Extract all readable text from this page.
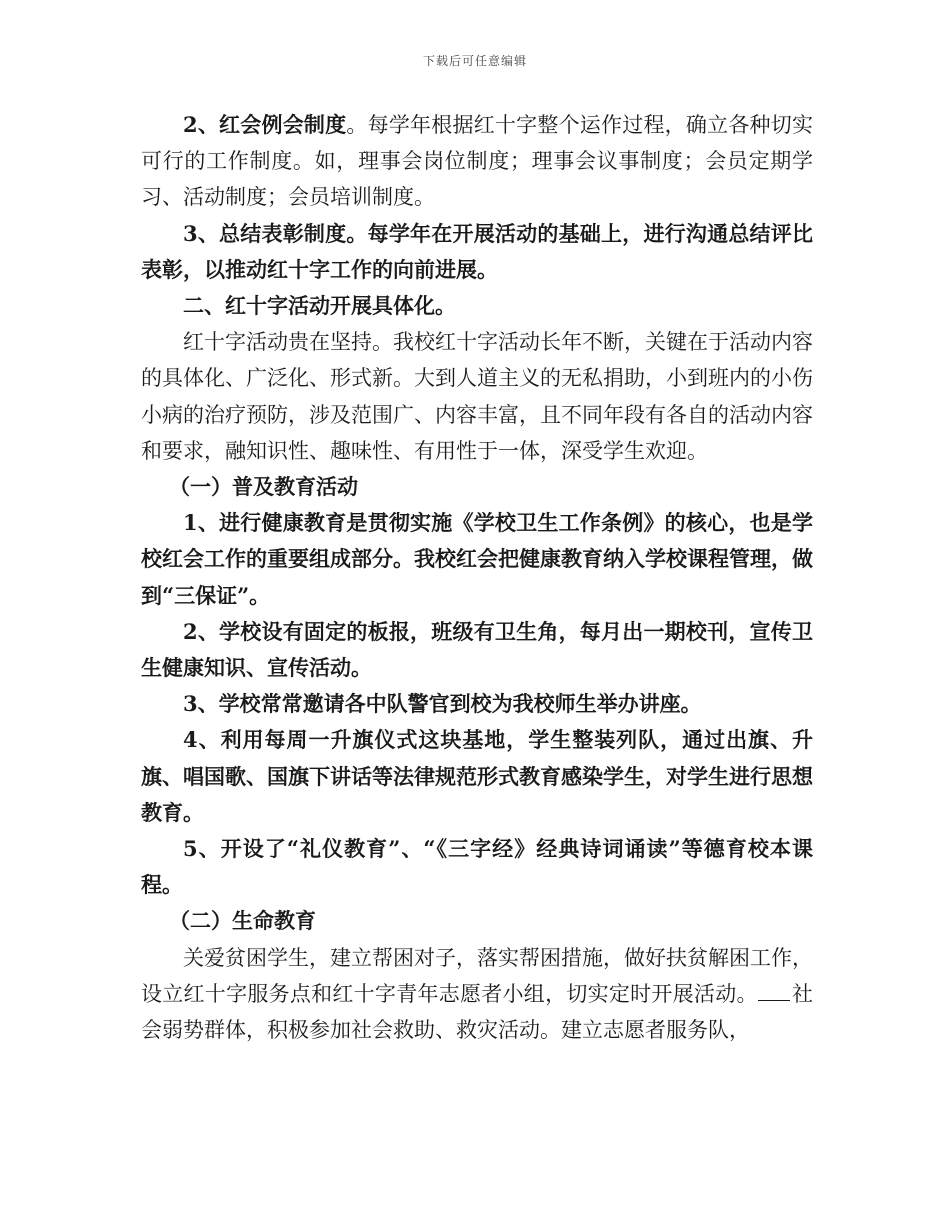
下载后可任意编辑

2、红会例会制度。每学年根据红十字整个运作过程，确立各种切实可行的工作制度。如，理事会岗位制度；理事会议事制度；会员定期学习、活动制度；会员培训制度。

3、总结表彰制度。每学年在开展活动的基础上，进行沟通总结评比表彰，以推动红十字工作的向前进展。

二、红十字活动开展具体化。

红十字活动贵在坚持。我校红十字活动长年不断，关键在于活动内容的具体化、广泛化、形式新。大到人道主义的无私捐助，小到班内的小伤小病的治疗预防，涉及范围广、内容丰富，且不同年段有各自的活动内容和要求，融知识性、趣味性、有用性于一体，深受学生欢迎。

（一）普及教育活动

1、进行健康教育是贯彻实施《学校卫生工作条例》的核心，也是学校红会工作的重要组成部分。我校红会把健康教育纳入学校课程管理，做到“三保证”。

2、学校设有固定的板报，班级有卫生角，每月出一期校刊，宣传卫生健康知识、宣传活动。

3、学校常常邀请各中队警官到校为我校师生举办讲座。

4、利用每周一升旗仪式这块基地，学生整装列队，通过出旗、升旗、唱国歌、国旗下讲话等法律规范形式教育感染学生，对学生进行思想教育。

5、开设了“礼仪教育”、“《三字经》经典诗词诵读”等德育校本课程。

（二）生命教育

关爱贫困学生，建立帮困对子，落实帮困措施，做好扶贫解困工作，设立红十字服务点和红十字青年志愿者小组，切实定时开展活动。 社会弱势群体，积极参加社会救助、救灾活动。建立志愿者服务队，
